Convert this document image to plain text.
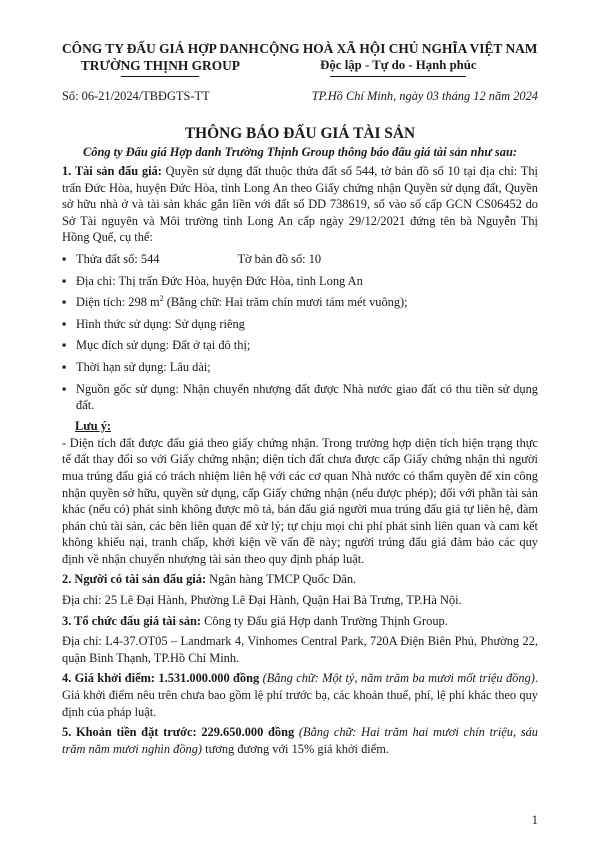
CÔNG TY ĐẤU GIÁ HỢP DANH
TRƯỜNG THỊNH GROUP
CỘNG HOÀ XÃ HỘI CHỦ NGHĨA VIỆT NAM
Độc lập - Tự do - Hạnh phúc
Số: 06-21/2024/TBĐGTS-TT	TP.Hồ Chí Minh, ngày 03 tháng 12 năm 2024
THÔNG BÁO ĐẤU GIÁ TÀI SẢN
Công ty Đấu giá Hợp danh Trường Thịnh Group thông báo đấu giá tài sản như sau:

1. Tài sản đấu giá: Quyền sử dụng đất thuộc thửa đất số 544, tờ bản đồ số 10 tại địa chỉ: Thị trấn Đức Hòa, huyện Đức Hòa, tỉnh Long An theo Giấy chứng nhận Quyền sử dụng đất, Quyền sở hữu nhà ở và tài sản khác gắn liền với đất số DD 738619, số vào sổ cấp GCN CS06452 do Sở Tài nguyên và Môi trường tỉnh Long An cấp ngày 29/12/2021 đứng tên bà Nguyễn Thị Hồng Quế, cụ thể:

▪ Thửa đất số: 544	Tờ bản đồ số: 10
▪ Địa chỉ: Thị trấn Đức Hòa, huyện Đức Hòa, tỉnh Long An
▪ Diện tích: 298 $m^2$ (Bằng chữ: Hai trăm chín mươi tám mét vuông);
▪ Hình thức sử dụng: Sử dụng riêng
▪ Mục đích sử dụng: Đất ở tại đô thị;
▪ Thời hạn sử dụng: Lâu dài;
▪ Nguồn gốc sử dụng: Nhận chuyển nhượng đất được Nhà nước giao đất có thu tiền sử dụng đất.
Lưu ý:

- Diện tích đất được đấu giá theo giấy chứng nhận. Trong trường hợp diện tích hiện trạng thực tế đất thay đổi so với Giấy chứng nhận; diện tích đất chưa được cấp Giấy chứng nhận thì người mua trúng đấu giá có trách nhiệm liên hệ với các cơ quan Nhà nước có thẩm quyền để xin công nhận quyền sở hữu, quyền sử dụng, cấp Giấy chứng nhận (nếu được phép); đối với phần tài sản khác (nếu có) phát sinh không được mô tả, bán đấu giá người mua trúng đấu giá tự liên hệ, đàm phán chủ tài sản, các bên liên quan để xử lý; tự chịu mọi chi phí phát sinh liên quan và cam kết không khiếu nại, tranh chấp, khởi kiện về vấn đề này; người trúng đấu giá đảm bảo các quy định về nhận chuyển nhượng tài sản theo quy định pháp luật.

2. Người có tài sản đấu giá: Ngân hàng TMCP Quốc Dân.

Địa chỉ: 25 Lê Đại Hành, Phường Lê Đại Hành, Quận Hai Bà Trưng, TP.Hà Nội.

3. Tổ chức đấu giá tài sản: Công ty Đấu giá Hợp danh Trường Thịnh Group.

Địa chỉ: L4-37.OT05 – Landmark 4, Vinhomes Central Park, 720A Điện Biên Phủ, Phường 22, quận Bình Thạnh, TP.Hồ Chí Minh.

4. Giá khởi điểm: 1.531.000.000 đồng (Bằng chữ: Một tỷ, năm trăm ba mươi mốt triệu đồng). Giá khởi điểm nêu trên chưa bao gồm lệ phí trước bạ, các khoản thuế, phí, lệ phí khác theo quy định của pháp luật.

5. Khoản tiền đặt trước: 229.650.000 đồng (Bằng chữ: Hai trăm hai mươi chín triệu, sáu trăm năm mươi nghìn đồng) tương đương với 15% giá khởi điểm.

1
